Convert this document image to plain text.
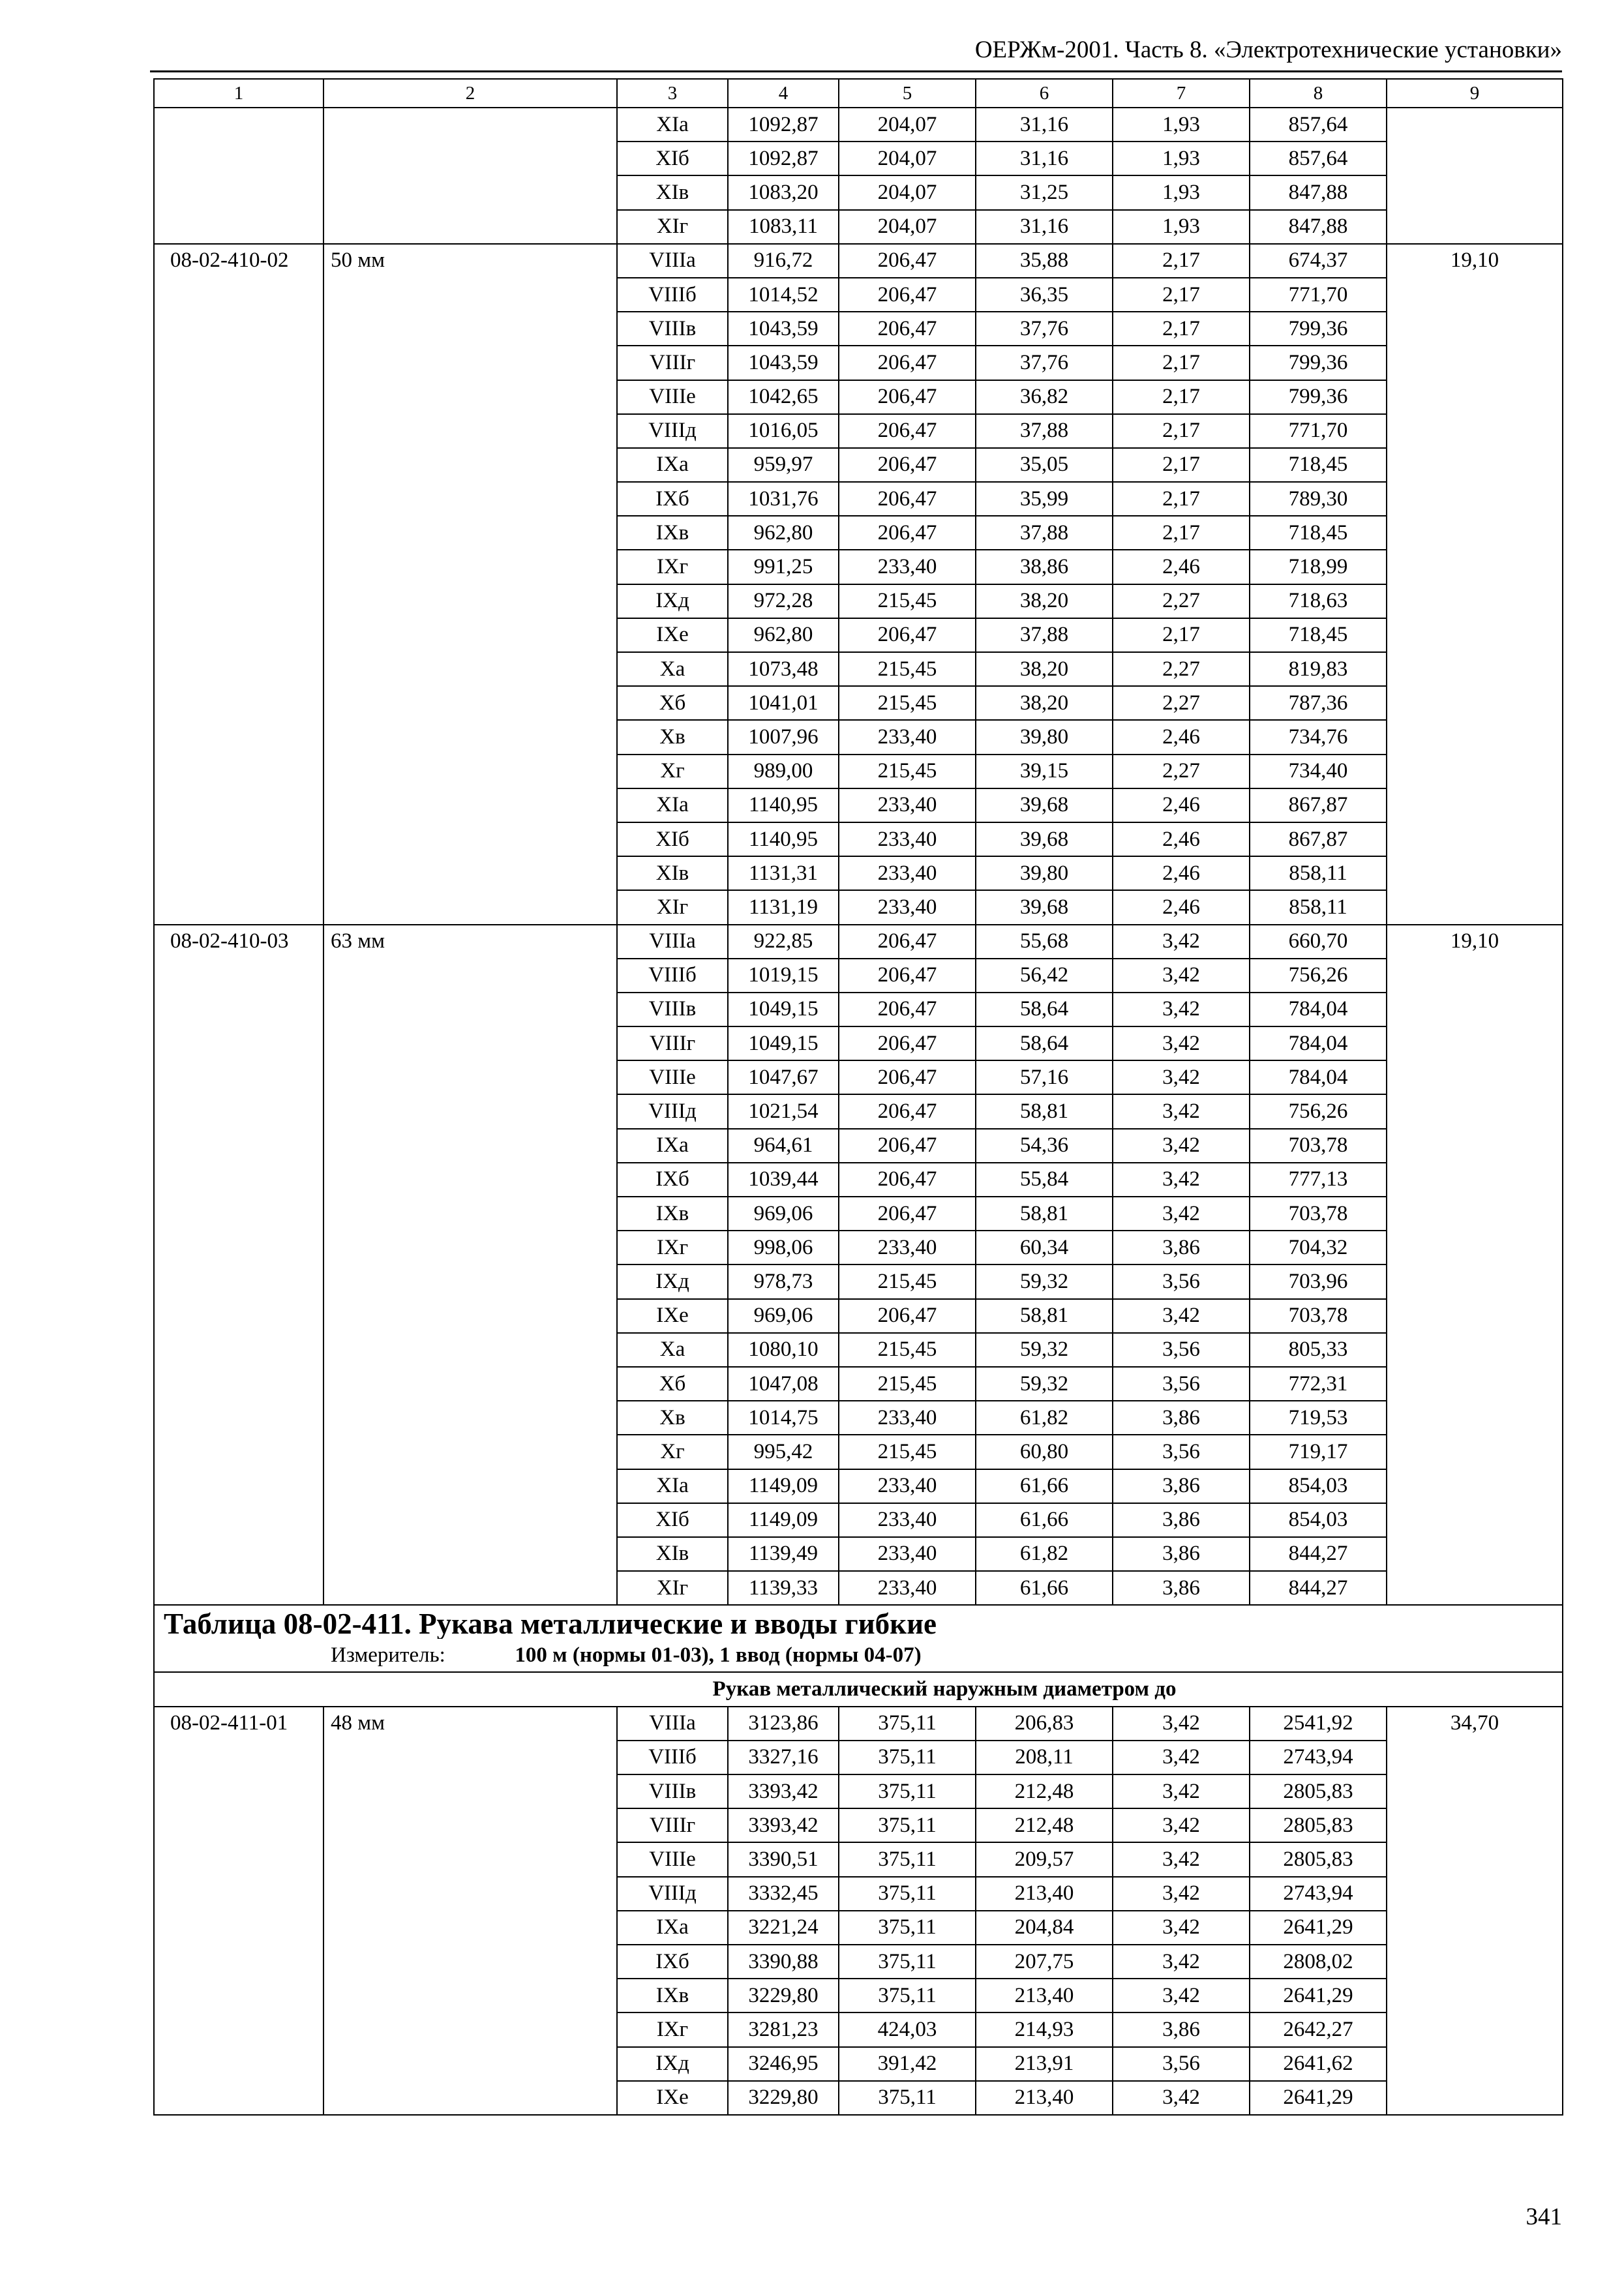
ОЕРЖм-2001. Часть 8. «Электротехнические установки»
1	2	3	4	5	6	7	8	9
		XIа	1092,87	204,07	31,16	1,93	857,64	
		XIб	1092,87	204,07	31,16	1,93	857,64	
		XIв	1083,20	204,07	31,25	1,93	847,88	
		XIг	1083,11	204,07	31,16	1,93	847,88	
08-02-410-02	50 мм	VIIIа	916,72	206,47	35,88	2,17	674,37	19,10
		VIIIб	1014,52	206,47	36,35	2,17	771,70	
		VIIIв	1043,59	206,47	37,76	2,17	799,36	
		VIIIг	1043,59	206,47	37,76	2,17	799,36	
		VIIIе	1042,65	206,47	36,82	2,17	799,36	
		VIIIд	1016,05	206,47	37,88	2,17	771,70	
		IXа	959,97	206,47	35,05	2,17	718,45	
		IXб	1031,76	206,47	35,99	2,17	789,30	
		IXв	962,80	206,47	37,88	2,17	718,45	
		IXг	991,25	233,40	38,86	2,46	718,99	
		IXд	972,28	215,45	38,20	2,27	718,63	
		IXе	962,80	206,47	37,88	2,17	718,45	
		Xа	1073,48	215,45	38,20	2,27	819,83	
		Xб	1041,01	215,45	38,20	2,27	787,36	
		Xв	1007,96	233,40	39,80	2,46	734,76	
		Xг	989,00	215,45	39,15	2,27	734,40	
		XIа	1140,95	233,40	39,68	2,46	867,87	
		XIб	1140,95	233,40	39,68	2,46	867,87	
		XIв	1131,31	233,40	39,80	2,46	858,11	
		XIг	1131,19	233,40	39,68	2,46	858,11	
08-02-410-03	63 мм	VIIIа	922,85	206,47	55,68	3,42	660,70	19,10
		VIIIб	1019,15	206,47	56,42	3,42	756,26	
		VIIIв	1049,15	206,47	58,64	3,42	784,04	
		VIIIг	1049,15	206,47	58,64	3,42	784,04	
		VIIIе	1047,67	206,47	57,16	3,42	784,04	
		VIIIд	1021,54	206,47	58,81	3,42	756,26	
		IXа	964,61	206,47	54,36	3,42	703,78	
		IXб	1039,44	206,47	55,84	3,42	777,13	
		IXв	969,06	206,47	58,81	3,42	703,78	
		IXг	998,06	233,40	60,34	3,86	704,32	
		IXд	978,73	215,45	59,32	3,56	703,96	
		IXе	969,06	206,47	58,81	3,42	703,78	
		Xа	1080,10	215,45	59,32	3,56	805,33	
		Xб	1047,08	215,45	59,32	3,56	772,31	
		Xв	1014,75	233,40	61,82	3,86	719,53	
		Xг	995,42	215,45	60,80	3,56	719,17	
		XIа	1149,09	233,40	61,66	3,86	854,03	
		XIб	1149,09	233,40	61,66	3,86	854,03	
		XIв	1139,49	233,40	61,82	3,86	844,27	
		XIг	1139,33	233,40	61,66	3,86	844,27	

Таблица 08-02-411. Рукава металлические и вводы гибкие								

Измеритель: 100 м (нормы 01-03), 1 ввод (нормы 04-07)								
Рукав металлический наружным диаметром до								
08-02-411-01	48 мм	VIIIа	3123,86	375,11	206,83	3,42	2541,92	34,70
		VIIIб	3327,16	375,11	208,11	3,42	2743,94	
		VIIIв	3393,42	375,11	212,48	3,42	2805,83	
		VIIIг	3393,42	375,11	212,48	3,42	2805,83	
		VIIIе	3390,51	375,11	209,57	3,42	2805,83	
		VIIIд	3332,45	375,11	213,40	3,42	2743,94	
		IXа	3221,24	375,11	204,84	3,42	2641,29	
		IXб	3390,88	375,11	207,75	3,42	2808,02	
		IXв	3229,80	375,11	213,40	3,42	2641,29	
		IXг	3281,23	424,03	214,93	3,86	2642,27	
		IXд	3246,95	391,42	213,91	3,56	2641,62	
		IXе	3229,80	375,11	213,40	3,42	2641,29	
341
